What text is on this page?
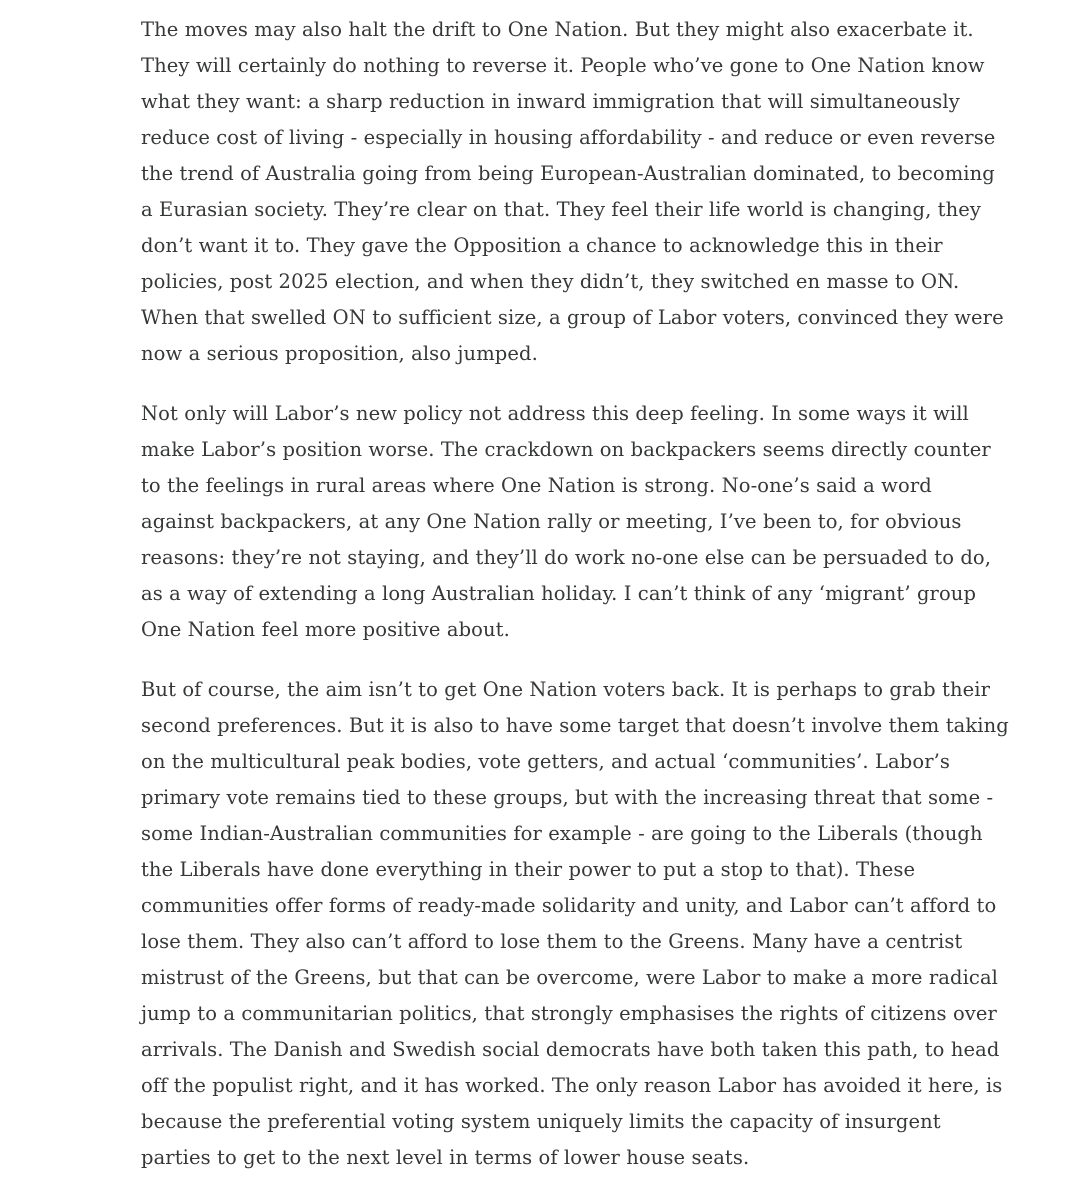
The moves may also halt the drift to One Nation. But they might also exacerbate it. They will certainly do nothing to reverse it. People who’ve gone to One Nation know what they want: a sharp reduction in inward immigration that will simultaneously reduce cost of living - especially in housing affordability - and reduce or even reverse the trend of Australia going from being European-Australian dominated, to becoming a Eurasian society. They’re clear on that. They feel their life world is changing, they don’t want it to. They gave the Opposition a chance to acknowledge this in their policies, post 2025 election, and when they didn’t, they switched en masse to ON. When that swelled ON to sufficient size, a group of Labor voters, convinced they were now a serious proposition, also jumped.

Not only will Labor’s new policy not address this deep feeling. In some ways it will make Labor’s position worse. The crackdown on backpackers seems directly counter to the feelings in rural areas where One Nation is strong. No-one’s said a word against backpackers, at any One Nation rally or meeting, I’ve been to, for obvious reasons: they’re not staying, and they’ll do work no-one else can be persuaded to do, as a way of extending a long Australian holiday. I can’t think of any ‘migrant’ group One Nation feel more positive about.

But of course, the aim isn’t to get One Nation voters back. It is perhaps to grab their second preferences. But it is also to have some target that doesn’t involve them taking on the multicultural peak bodies, vote getters, and actual ‘communities’. Labor’s primary vote remains tied to these groups, but with the increasing threat that some - some Indian-Australian communities for example - are going to the Liberals (though the Liberals have done everything in their power to put a stop to that). These communities offer forms of ready-made solidarity and unity, and Labor can’t afford to lose them. They also can’t afford to lose them to the Greens. Many have a centrist mistrust of the Greens, but that can be overcome, were Labor to make a more radical jump to a communitarian politics, that strongly emphasises the rights of citizens over arrivals. The Danish and Swedish social democrats have both taken this path, to head off the populist right, and it has worked. The only reason Labor has avoided it here, is because the preferential voting system uniquely limits the capacity of insurgent parties to get to the next level in terms of lower house seats.
